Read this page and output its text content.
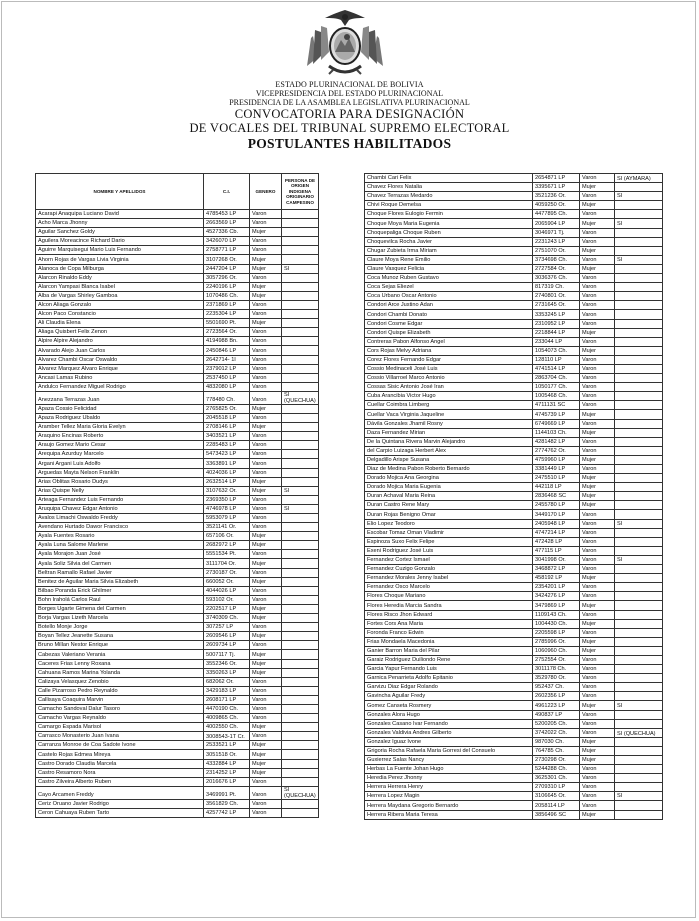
ESTADO PLURINACIONAL DE BOLIVIA
VICEPRESIDENCIA DEL ESTADO PLURINACIONAL
PRESIDENCIA DE LA ASAMBLEA LEGISLATIVA PLURINACIONAL
CONVOCATORIA PARA DESIGNACIÓN
DE VOCALES DEL TRIBUNAL SUPREMO ELECTORAL
POSTULANTES HABILITADOS
NOMBRE Y APELLIDOS	C.I.	GENERO	PERSONA DE ORIGEN INDIGENA ORIGINARIO CAMPESINO
Acarapi Anaquipa Luciano David	4785453 LP	Varon	
Acho Marca Jhonny	2663569 LP	Varon	
Aguilar Sanchez Goldy	4527336 Cb.	Mujer	
Aguilera Moreacince Richard Dario	3426070 LP	Varon	
Aguirre Marquisegui Mario Luis Fernando	2758771 LP	Varon	
Ahorn Rojas de Vargas Livia Virginia	3107268 Or.	Mujer	
Alanoca de Copa Milburga	2447204 LP	Mujer	SI
Alarcon Rinaldo Eddy	3057296 Or.	Varon	
Alarcon Yampasi Blanca Isabel	2240196 LP	Mujer	
Alba de Vargas Shirley Gamboa	1070486 Ch.	Mujer	
Alcon Aliaga Gonzalo	2371869 LP	Varon	
Alcon Paco Constancio	2235304 LP	Varon	
Ali Claudia Elena	5501690 Pt.	Mujer	
Aliaga Quisbert Felix Zenon	2723564 Or.	Varon	
Alpire Alpire Alejandro	4194988 Bn.	Varon	
Alvarado Alejo Juan Carlos	2450846 LP	Varon	
Alvarez Chambi Oscar Oswaldo	2642714- 1I	Varon	
Alvarez Marquez Alvaro Enrique	2379012 LP	Varon	
Ancasi Lamas Rubino	2537450 LP	Varon	
Andulco Fernandez Miguel Rodrigo	4832080 LP	Varon	
Anezzana Terrazas Juan	778480 Ch.	Varon	SI (QUECHUA)
Apaza Cossio Felicidad	2765825 Or.	Mujer	
Apaza Rodriguez Ubaldo	2045518 LP	Varon	
Aramber Tellez Maria Gloria Evelyn	2708146 LP	Mujer	
Araquino Encinas Roberto	3403521 LP	Varon	
Araujo Gomez Mario Cesar	2285483 LP	Varon	
Arequipa Azurduy Marcelo	5473423 LP	Varon	
Argani Argani Luis Adolfo	3363891 LP	Varon	
Arguedas Mayta Nelson Franklin	4024036 LP	Varon	
Arias Oblitas Rosario Dudys	2632514 LP	Mujer	
Arias Quispe Nelly	3107632 Or.	Mujer	SI
Arteaga Fernandez Luis Fernando	2369350 LP	Varon	
Aruquipa Chavez Edgar Antonio	4746978 LP	Varon	SI
Avalos Limachi Oswaldo Freddy	5953079 LP	Varon	
Avendano Hurtado Dawor Francisco	3521141 Or.	Varon	
Ayala Fuentes Rosario	657106 Or.	Mujer	
Ayala Luna Salome Marlene	2682972 LP	Mujer	
Ayala Morajon Juan José	5551534 Pt.	Varon	
Ayala Soliz Silvia del Carmen	3111704 Or.	Mujer	
Beltran Ramallo Rafael Javier	2730187 Or.	Varon	
Benitez de Aguilar Maria Silvia Elizabeth	660052 Or.	Mujer	
Bilbao Poranda Erick Ghilmer	4044026 LP	Varon	
Bohn Iraholá Carlos Raul	593102 Or.	Varon	
Borges Ugarte Gimena del Carmen	2202517 LP	Mujer	
Borja Vargas Lizeth Marcela	3740309 Ch.	Mujer	
Botello Monje Jorge	307257 LP	Varon	
Boyan Tellez Jeanette Susana	2609546 LP	Mujer	
Bruno Millan Nestor Enrique	2609734 LP	Varon	
Cabezas Valeriano Verania	5007117 Tj.	Mujer	
Caceres Frias Lenny Roxana	3552346 Or.	Mujer	
Cahuana Ramos Marina Yolanda	3350263 LP	Mujer	
Calizaya Velasquez Zenobio	682062 Or.	Varon	
Calle Pizarroso Pedro Reynaldo	3429183 LP	Varon	
Callisaya Coaquira Marvin	2608171 LP	Varon	
Camacho Sandoval Dalur Tasoro	4470190 Ch.	Varon	
Camacho Vargas Reynaldo	4009865 Ch.	Varon	
Camargo Espada Marisol	4002550 Ch.	Mujer	
Carrasco Monasterio Juan Ivana	3008543-1T Cr.	Varon	
Carranza Monroe de Coa Sadote Ivone	2533521 LP	Mujer	
Castelo Rojas Edmea Mireya	3051518 Or.	Mujer	
Castro Dorado Claudia Marcela	4332884 LP	Mujer	
Castro Resamoro Nora	2314252 LP	Mujer	
Castro Zilveira Alberto Ruben	2016676 LP	Varon	
Cayo Arcamen Freddy	3469991 Pt.	Varon	SI (QUECHUA)
Ceriz Oruano Javier Rodrigo	3561829 Ch.	Varon	
Ceron Cahuaya Ruben Tarto	4257742 LP	Varon	
Chambi Cari Felix	2654871 LP	Varon	SI (AYMARA)
Chavez Flores Natalia	3395671 LP	Mujer	
Chavez Terrazas Medardo	3521236 Or.	Varon	SI
Chivi Roque Demelsa	4059250 Or.	Mujer	
Choque Flores Eulogio Fermin	4477895 Ch.	Varon	
Choque Moya Maria Eugenia	2065904 LP	Mujer	SI
Choquepaliga Choque Ruben	3046971 Tj.	Varon	
Choquevilca Rocha Javier	2231243 LP	Varon	
Chugar Zubieta Irma Miriam	2751070 Or.	Mujer	
Claure Moya Rene Emilio	3734698 Ch.	Varon	SI
Claure Vasquez Felicia	2727584 Or.	Mujer	
Coca Munoz Ruben Gustavo	3036376 Ch.	Varon	
Coca Sejas Eliezel	817319 Ch.	Varon	
Coca Urbano Oscar Antonio	2740801 Or.	Varon	
Condori Arce Justino Adan	2731645 Or.	Varon	
Condori Chambi Donato	3353245 LP	Varon	
Condori Cosme Edgar	2310952 LP	Varon	
Condori Quispe Elizabeth	2218844 LP	Mujer	
Contreras Pabon Alfonso Angel	233044 LP	Varon	
Cors Rojas Melvy Adriana	1054073 Ch.	Mujer	
Corez Flores Fernando Edgar	128110 LP	Varon	
Cossio Medinaceli José Luis	4741514 LP	Varon	
Cossio Villarroel Marco Antonio	2863704 Ch.	Varon	
Cossas Sisic Antonio José Iran	1050177 Ch.	Varon	
Cuba Arancibia Victor Hugo	1005468 Ch.	Varon	
Cuellar Coimbra Limberg	4711131 SC	Varon	
Cuellar Vaca Virginia Jaqueline	4745739 LP	Mujer	
Dávila Gonzales Jhamil Rosny	6749669 LP	Varon	
Daza Fernandez Mirian	1144103 Ch.	Mujer	
De la Quintana Rivera Marvin Alejandro	4281482 LP	Varon	
del Carpio Luizaga Herbert Alex	2774762 Or.	Varon	
Delgadillo Arispe Susana	4759960 LP	Mujer	
Diaz de Medina Pabon Roberto Bernardo	3381449 LP	Varon	
Dorado Mojica Ana Georgina	2475510 LP	Mujer	
Dorado Mojica Maria Eugenia	442118 LP	Mujer	
Duran Achaval Maria Reina	2836468 SC	Mujer	
Duran Castro Rene Mary	2455780 LP	Mujer	
Duran Rojas Benigno Omar	3449170 LP	Varon	
Elio Lopez Teodoro	2405948 LP	Varon	SI
Escobar Tomaz Oman Vladimir	4747214 LP	Varon	
Espinoza Suxo Felix Felipe	472428 LP	Varon	
Exeni Rodriguez José Luis	477115 LP	Varon	
Fernandez Cortez Ismael	3041998 Or.	Varon	SI
Fernandez Cuzigo Gonzalo	3468872 LP	Varon	
Fernandez Morales Jenny Isabel	458192 LP	Mujer	
Fernandez Osco Marcelo	2354201 LP	Varon	
Flores Choque Mariano	3424276 LP	Varon	
Flores Heredia Marcia Sandra	3479869 LP	Mujer	
Flores Risco Jhon Edward	1109143 Ch.	Varon	
Fortes Cors Ana Maria	1004430 Ch.	Mujer	
Foronda Franco Edwin	2205598 LP	Varon	
Frias Mondaela Macedonia	2785996 Or.	Mujer	
Ganier Barron Maria del Pilar	1060960 Ch.	Mujer	
Garaiz Rodriguez Duiliondo Rene	2752554 Or.	Varon	
Garcia Yapur Fernando Luis	3011178 Ch.	Varon	
Garnica Penarrieta Adolfo Epitanio	3529780 Or.	Varon	
Garvizu Diaz Edgar Rolando	952437 Ch.	Varon	
Gavincha Aguilar Fredy	2602356 LP	Varon	
Gomez Canseta Rosmery	4961223 LP	Mujer	SI
Gonzales Alora Hugo	490837 LP	Varon	
Gonzales Casano Ivar Fernando	5200205 Ch.	Varon	
Gonzales Valdivia Andres Gilberto	3742022 Ch.	Varon	SI (QUECHUA)
Gonzalez Iguaz Ivone	987030 Ch.	Mujer	
Grigoria Rocha Rafaela Maria Gorresi del Consuelo	764785 Ch.	Mujer	
Guxierrez Salas Nancy	2730298 Or.	Mujer	
Herbas La Fuente Johan Hugo	5244288 Ch.	Varon	
Heredia Perez Jhonny	3625301 Ch.	Varon	
Herrera Herrera Henry	2709310 LP	Varon	
Herrera Lopez Magin	3106645 Or.	Varon	SI
Herrera Maydana Gregorio Bernardo	2058114 LP	Varon	
Herrera Ribera Maria Teresa	3856496 SC	Mujer	
